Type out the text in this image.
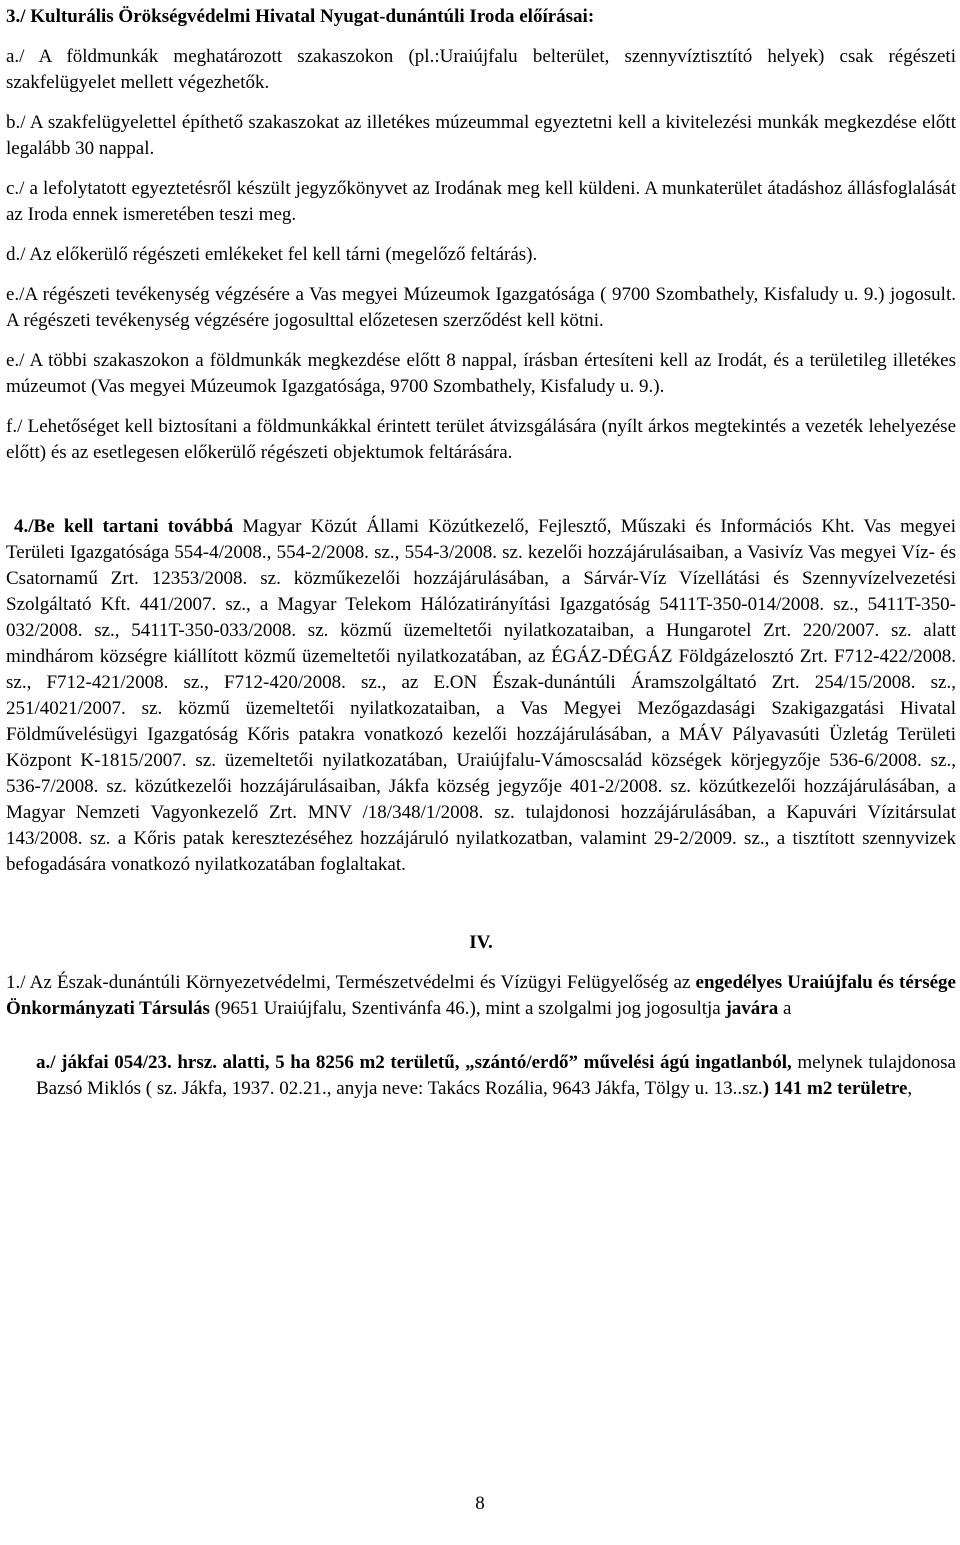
3./ Kulturális Örökségvédelmi Hivatal Nyugat-dunántúli Iroda előírásai:

a./ A földmunkák meghatározott szakaszokon (pl.:Uraiújfalu belterület, szennyvíztisztító helyek) csak régészeti szakfelügyelet mellett végezhetők.

b./ A szakfelügyelettel építhető szakaszokat az illetékes múzeummal egyeztetni kell a kivitelezési munkák megkezdése előtt legalább 30 nappal.

c./ a lefolytatott egyeztetésről készült jegyzőkönyvet az Irodának meg kell küldeni. A munkaterület átadáshoz állásfoglalását az Iroda ennek ismeretében teszi meg.

d./ Az előkerülő régészeti emlékeket fel kell tárni (megelőző feltárás).

e./A régészeti tevékenység végzésére a Vas megyei Múzeumok Igazgatósága ( 9700 Szombathely, Kisfaludy u. 9.) jogosult. A régészeti tevékenység végzésére jogosulttal előzetesen szerződést kell kötni.

e./ A többi szakaszokon a földmunkák megkezdése előtt 8 nappal, írásban értesíteni kell az Irodát, és a területileg illetékes múzeumot (Vas megyei Múzeumok Igazgatósága, 9700 Szombathely, Kisfaludy u. 9.).

f./ Lehetőséget kell biztosítani a földmunkákkal érintett terület átvizsgálására (nyílt árkos megtekintés a vezeték lehelyezése előtt) és az esetlegesen előkerülő régészeti objektumok feltárására.

4./Be kell tartani továbbá Magyar Közút Állami Közútkezelő, Fejlesztő, Műszaki és Információs Kht. Vas megyei Területi Igazgatósága 554-4/2008., 554-2/2008. sz., 554-3/2008. sz. kezelői hozzájárulásaiban, a Vasivíz Vas megyei Víz- és Csatornamű Zrt. 12353/2008. sz. közműkezelői hozzájárulásában, a Sárvár-Víz Vízellátási és Szennyvízelvezetési Szolgáltató Kft. 441/2007. sz., a Magyar Telekom Hálózatirányítási Igazgatóság 5411T-350-014/2008. sz., 5411T-350-032/2008. sz., 5411T-350-033/2008. sz. közmű üzemeltetői nyilatkozataiban, a Hungarotel Zrt. 220/2007. sz. alatt mindhárom községre kiállított közmű üzemeltetői nyilatkozatában, az ÉGÁZ-DÉGÁZ Földgázelosztó Zrt. F712-422/2008. sz., F712-421/2008. sz., F712-420/2008. sz., az E.ON Észak-dunántúli Áramszolgáltató Zrt. 254/15/2008. sz., 251/4021/2007. sz. közmű üzemeltetői nyilatkozataiban, a Vas Megyei Mezőgazdasági Szakigazgatási Hivatal Földművelésügyi Igazgatóság Kőris patakra vonatkozó kezelői hozzájárulásában, a MÁV Pályavasúti Üzletág Területi Központ K-1815/2007. sz. üzemeltetői nyilatkozatában, Uraiújfalu-Vámoscsalád községek körjegyzője 536-6/2008. sz., 536-7/2008. sz. közútkezelői hozzájárulásaiban, Jákfa község jegyzője 401-2/2008. sz. közútkezelői hozzájárulásában, a Magyar Nemzeti Vagyonkezelő Zrt. MNV /18/348/1/2008. sz. tulajdonosi hozzájárulásában, a Kapuvári Vízitársulat 143/2008. sz. a Kőris patak keresztezéséhez hozzájáruló nyilatkozatban, valamint 29-2/2009. sz., a tisztított szennyvizek befogadására vonatkozó nyilatkozatában foglaltakat.

IV.

1./ Az Észak-dunántúli Környezetvédelmi, Természetvédelmi és Vízügyi Felügyelőség az engedélyes Uraiújfalu és térsége Önkormányzati Társulás (9651 Uraiújfalu, Szentivánfa 46.), mint a szolgalmi jog jogosultja javára a

a./ jákfai 054/23. hrsz. alatti, 5 ha 8256 m2 területű, „szántó/erdő” művelési ágú ingatlanból, melynek tulajdonosa Bazsó Miklós ( sz. Jákfa, 1937. 02.21., anyja neve: Takács Rozália, 9643 Jákfa, Tölgy u. 13..sz.) 141 m2 területre,

8
